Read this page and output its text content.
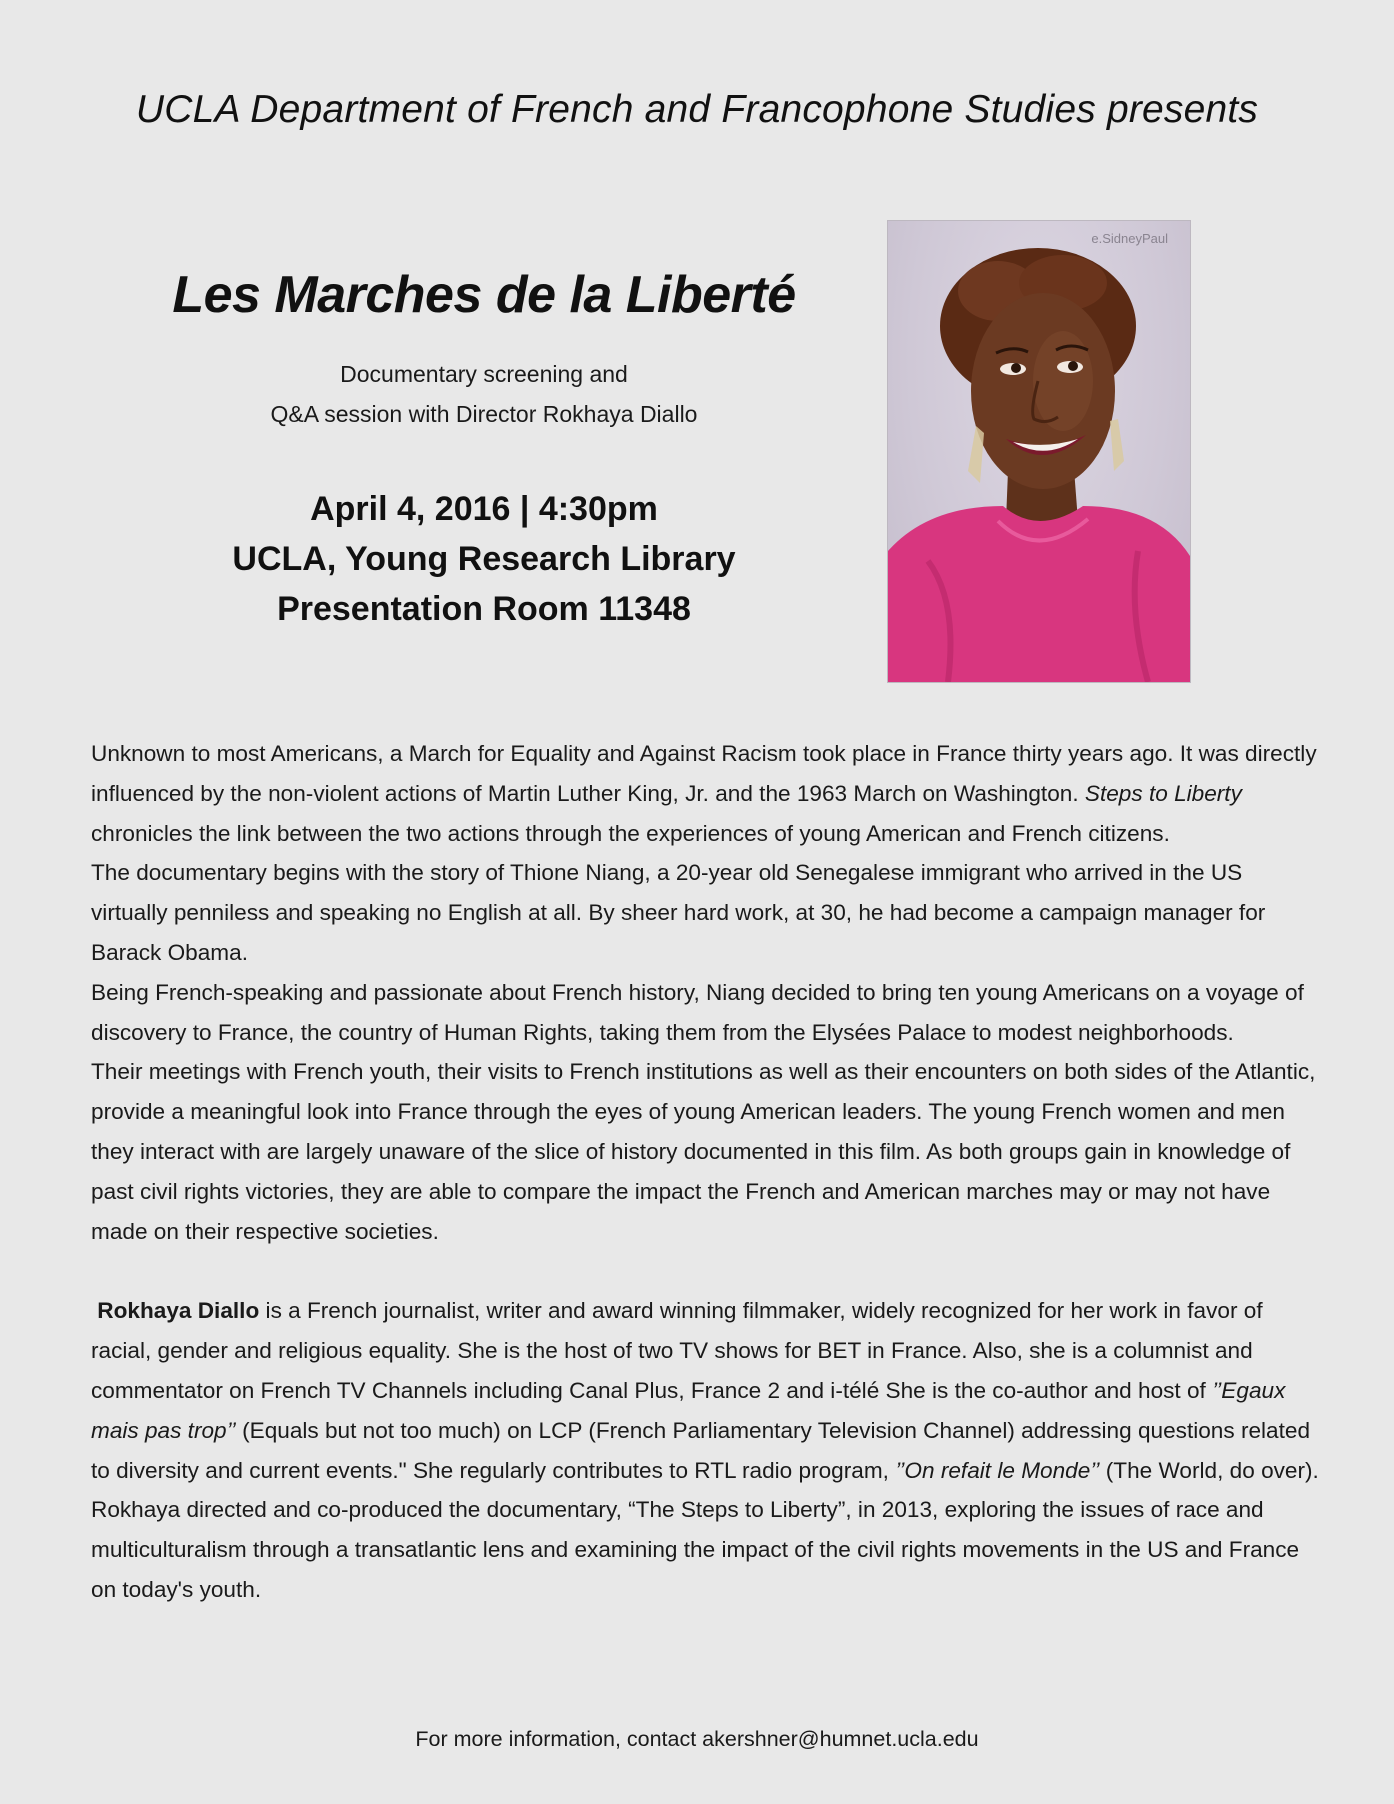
UCLA Department of French and Francophone Studies presents
Les Marches de la Liberté
Documentary screening and
Q&A session with Director Rokhaya Diallo
April 4, 2016 | 4:30pm
UCLA, Young Research Library
Presentation Room 11348
e.SidneyPaul

Unknown to most Americans, a March for Equality and Against Racism took place in France thirty years ago. It was directly influenced by the non-violent actions of Martin Luther King, Jr. and the 1963 March on Washington. Steps to Liberty chronicles the link between the two actions through the experiences of young American and French citizens.

The documentary begins with the story of Thione Niang, a 20-year old Senegalese immigrant who arrived in the US virtually penniless and speaking no English at all. By sheer hard work, at 30, he had become a campaign manager for Barack Obama.

Being French-speaking and passionate about French history, Niang decided to bring ten young Americans on a voyage of discovery to France, the country of Human Rights, taking them from the Elysées Palace to modest neighborhoods.

Their meetings with French youth, their visits to French institutions as well as their encounters on both sides of the Atlantic, provide a meaningful look into France through the eyes of young American leaders. The young French women and men they interact with are largely unaware of the slice of history documented in this film. As both groups gain in knowledge of past civil rights victories, they are able to compare the impact the French and American marches may or may not have made on their respective societies.

Rokhaya Diallo is a French journalist, writer and award winning filmmaker, widely recognized for her work in favor of racial, gender and religious equality. She is the host of two TV shows for BET in France. Also, she is a columnist and commentator on French TV Channels including Canal Plus, France 2 and i-télé She is the co-author and host of ’’Egaux mais pas trop’’ (Equals but not too much) on LCP (French Parliamentary Television Channel) addressing questions related to diversity and current events." She regularly contributes to RTL radio program, ’’On refait le Monde’’ (The World, do over). Rokhaya directed and co-produced the documentary, “The Steps to Liberty”, in 2013, exploring the issues of race and multiculturalism through a transatlantic lens and examining the impact of the civil rights movements in the US and France on today's youth.

For more information, contact akershner@humnet.ucla.edu
